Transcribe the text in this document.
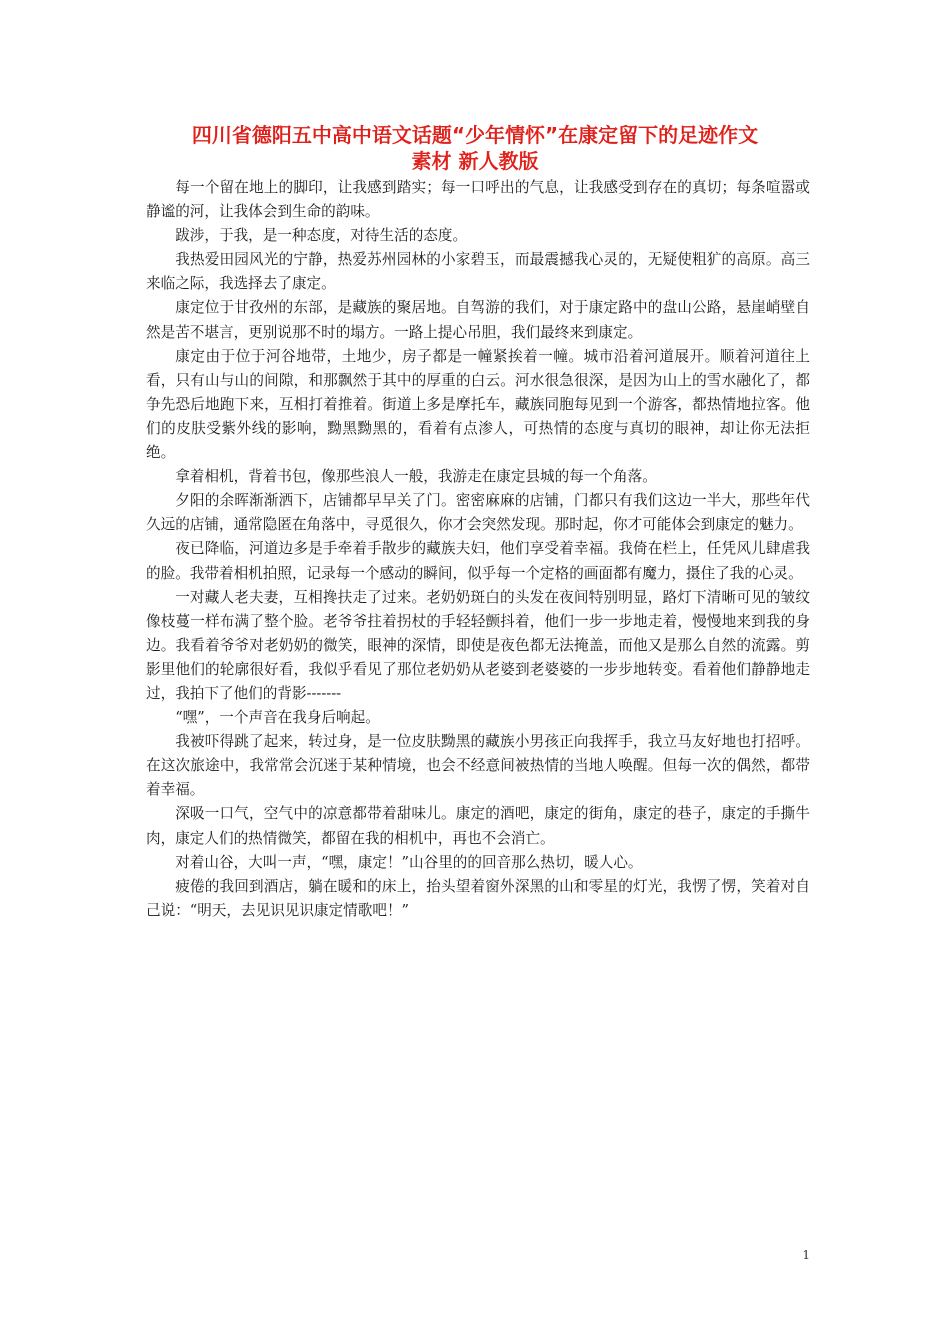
四川省德阳五中高中语文话题“少年情怀”在康定留下的足迹作文
素材 新人教版

每一个留在地上的脚印，让我感到踏实；每一口呼出的气息，让我感受到存在的真切；每条喧嚣或静谧的河，让我体会到生命的韵味。

跋涉，于我，是一种态度，对待生活的态度。

我热爱田园风光的宁静，热爱苏州园林的小家碧玉，而最震撼我心灵的，无疑使粗犷的高原。高三来临之际，我选择去了康定。

康定位于甘孜州的东部，是藏族的聚居地。自驾游的我们，对于康定路中的盘山公路，悬崖峭壁自然是苦不堪言，更别说那不时的塌方。一路上提心吊胆，我们最终来到康定。

康定由于位于河谷地带，土地少，房子都是一幢紧挨着一幢。城市沿着河道展开。顺着河道往上看，只有山与山的间隙，和那飘然于其中的厚重的白云。河水很急很深，是因为山上的雪水融化了，都争先恐后地跑下来，互相打着推着。街道上多是摩托车，藏族同胞每见到一个游客，都热情地拉客。他们的皮肤受紫外线的影响，黝黑黝黑的，看着有点渗人，可热情的态度与真切的眼神，却让你无法拒绝。

拿着相机，背着书包，像那些浪人一般，我游走在康定县城的每一个角落。

夕阳的余晖渐渐洒下，店铺都早早关了门。密密麻麻的店铺，门都只有我们这边一半大，那些年代久远的店铺，通常隐匿在角落中，寻觅很久，你才会突然发现。那时起，你才可能体会到康定的魅力。

夜已降临，河道边多是手牵着手散步的藏族夫妇，他们享受着幸福。我倚在栏上，任凭风儿肆虐我的脸。我带着相机拍照，记录每一个感动的瞬间，似乎每一个定格的画面都有魔力，摄住了我的心灵。

一对藏人老夫妻，互相搀扶走了过来。老奶奶斑白的头发在夜间特别明显，路灯下清晰可见的皱纹像枝蔓一样布满了整个脸。老爷爷拄着拐杖的手轻轻颤抖着，他们一步一步地走着，慢慢地来到我的身边。我看着爷爷对老奶奶的微笑，眼神的深情，即使是夜色都无法掩盖，而他又是那么自然的流露。剪影里他们的轮廓很好看，我似乎看见了那位老奶奶从老婆到老婆婆的一步步地转变。看着他们静静地走过，我拍下了他们的背影-------

“嘿”，一个声音在我身后响起。

我被吓得跳了起来，转过身，是一位皮肤黝黑的藏族小男孩正向我挥手，我立马友好地也打招呼。在这次旅途中，我常常会沉迷于某种情境，也会不经意间被热情的当地人唤醒。但每一次的偶然，都带着幸福。

深吸一口气，空气中的凉意都带着甜味儿。康定的酒吧，康定的街角，康定的巷子，康定的手撕牛肉，康定人们的热情微笑，都留在我的相机中，再也不会消亡。

对着山谷，大叫一声，“嘿，康定！”山谷里的的回音那么热切，暖人心。

疲倦的我回到酒店，躺在暖和的床上，抬头望着窗外深黑的山和零星的灯光，我愣了愣，笑着对自己说：“明天，去见识见识康定情歌吧！”

1
